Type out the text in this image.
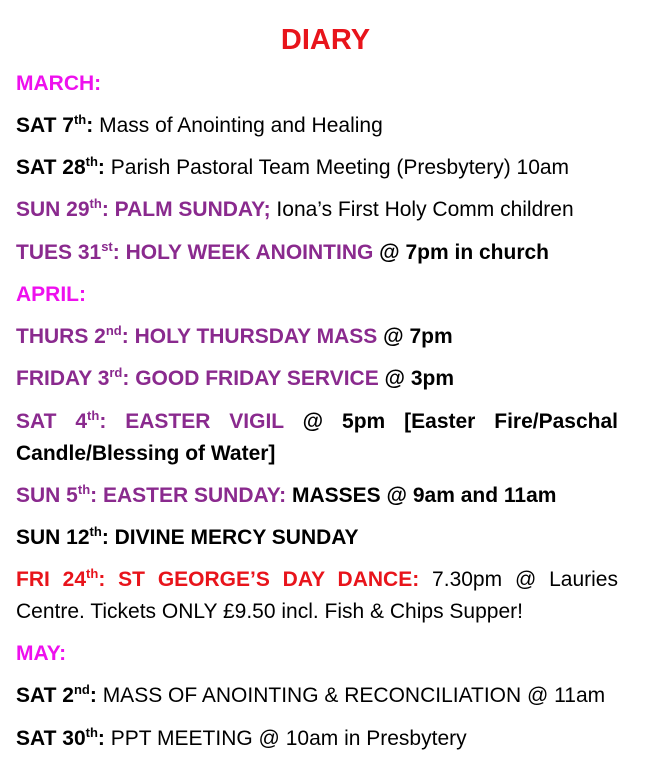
DIARY
MARCH:
SAT 7th: Mass of Anointing and Healing
SAT 28th: Parish Pastoral Team Meeting (Presbytery) 10am
SUN 29th: PALM SUNDAY; Iona’s First Holy Comm children
TUES 31st: HOLY WEEK ANOINTING @ 7pm in church
APRIL:
THURS 2nd: HOLY THURSDAY MASS @ 7pm
FRIDAY 3rd: GOOD FRIDAY SERVICE @ 3pm
SAT 4th: EASTER VIGIL @ 5pm [Easter Fire/Paschal Candle/Blessing of Water]
SUN 5th: EASTER SUNDAY: MASSES @ 9am and 11am
SUN 12th: DIVINE MERCY SUNDAY
FRI 24th: ST GEORGE’S DAY DANCE: 7.30pm @ Lauries Centre. Tickets ONLY £9.50 incl. Fish & Chips Supper!
MAY:
SAT 2nd: MASS OF ANOINTING & RECONCILIATION @ 11am
SAT 30th: PPT MEETING @ 10am in Presbytery
